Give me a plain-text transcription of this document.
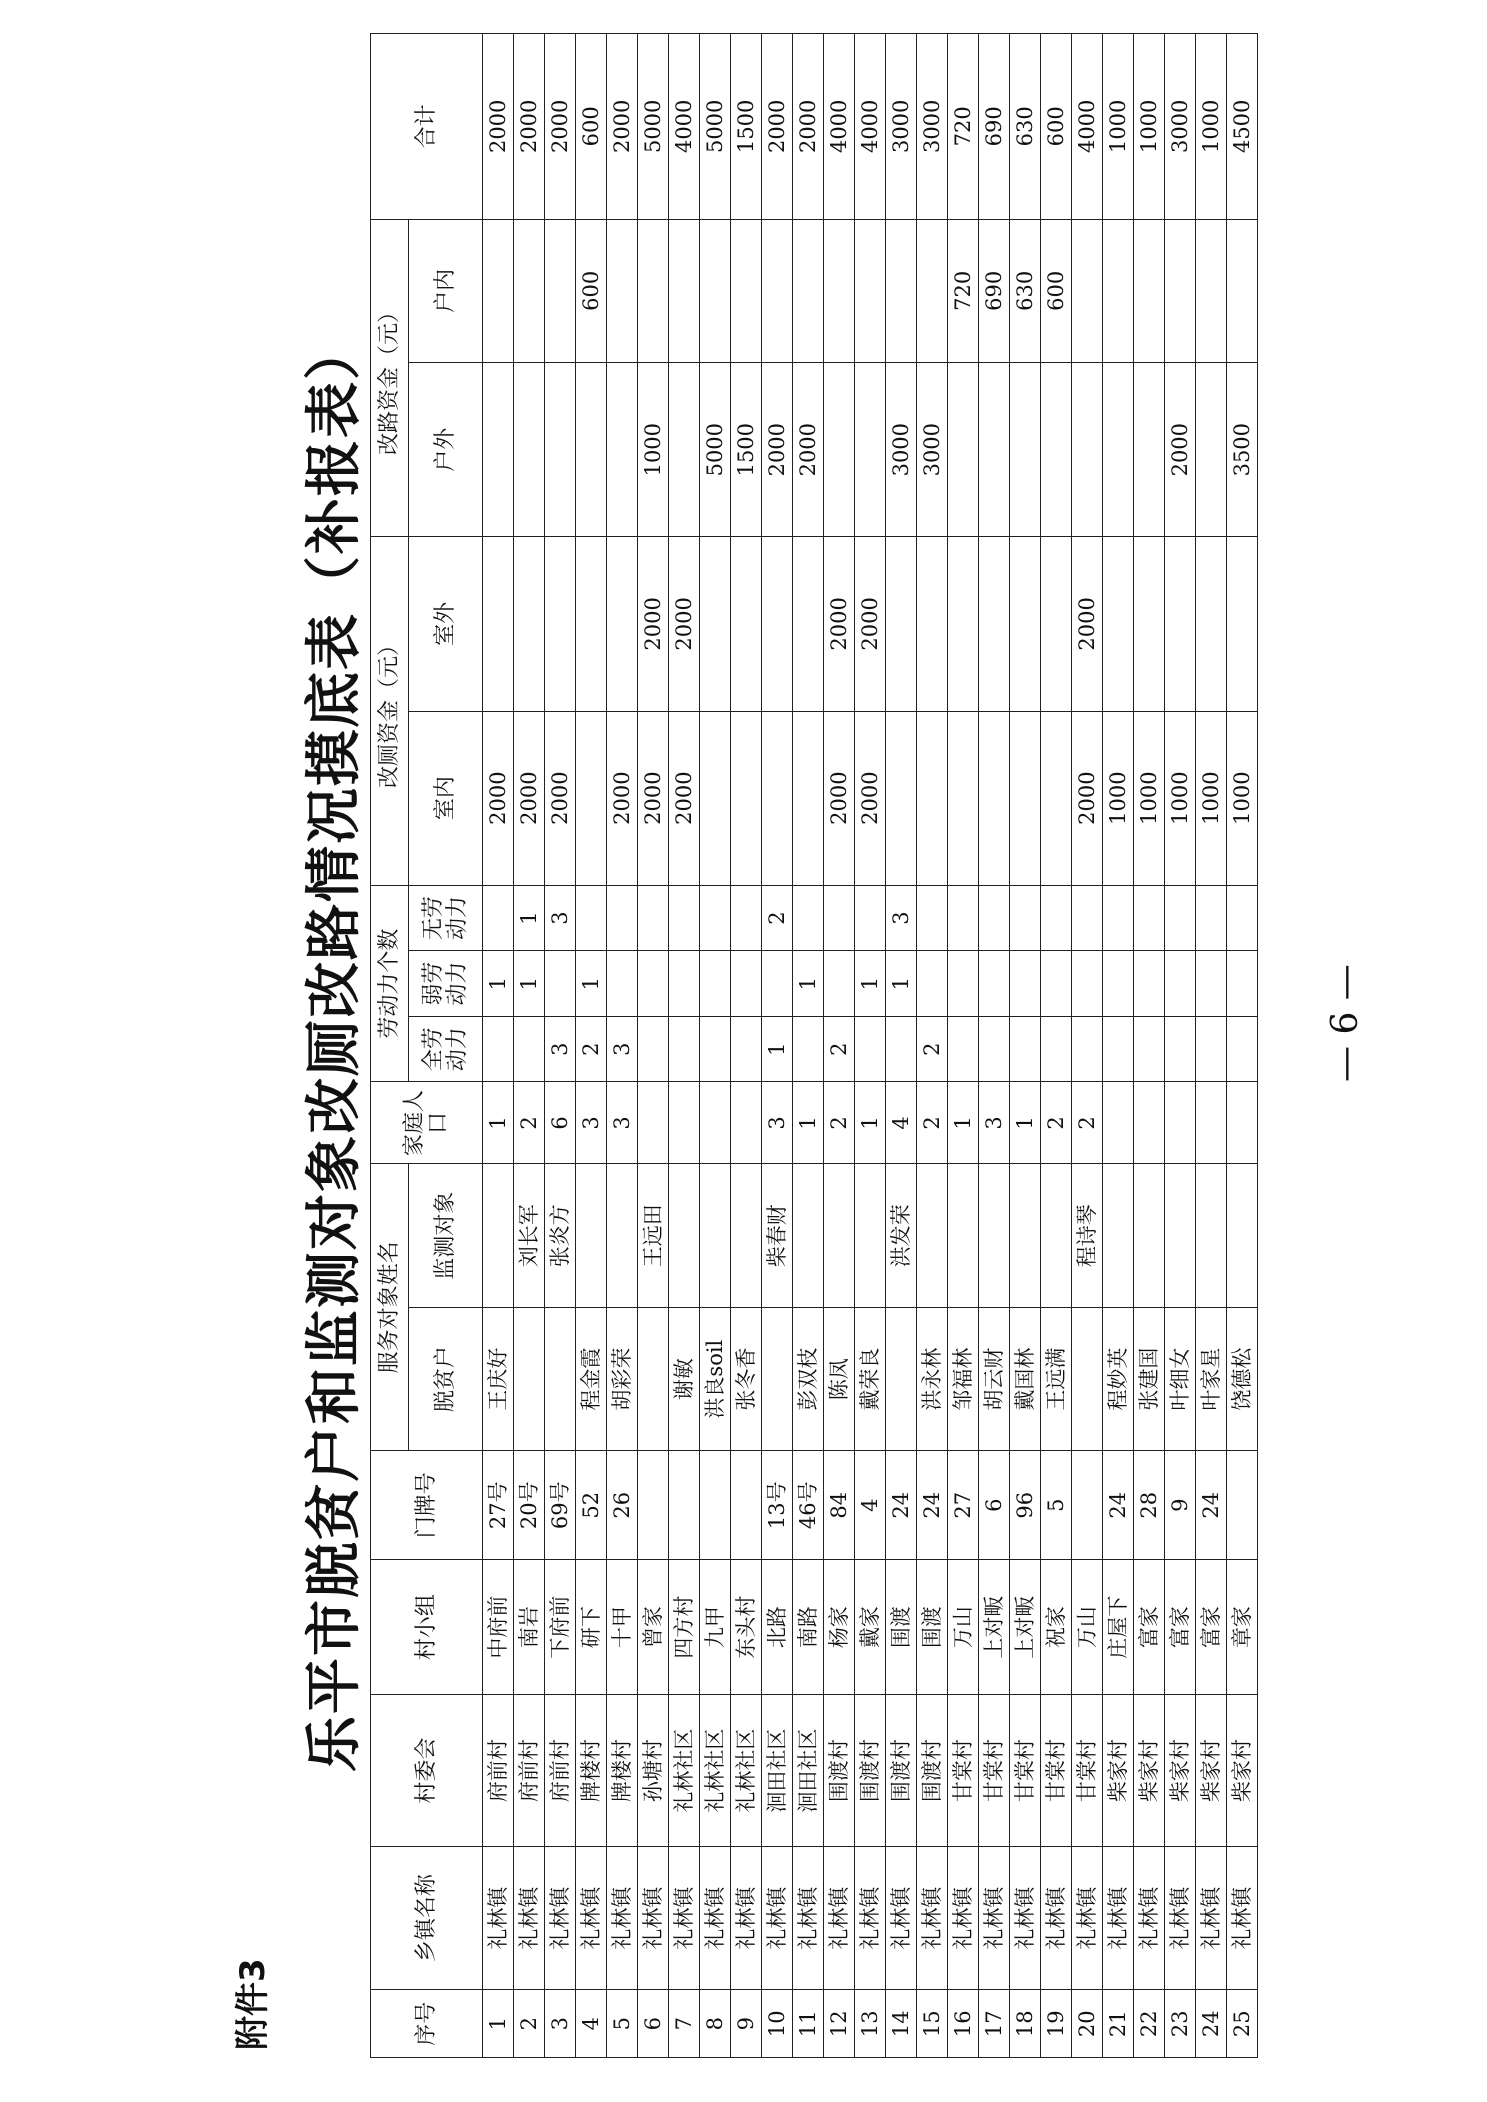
附件3
乐平市脱贫户和监测对象改厕改路情况摸底表（补报表）
序号	乡镇名称	村委会	村小组	门牌号	服务对象姓名		家庭人口	劳动力个数			改厕资金（元）		改路资金（元）		合计
					脱贫户	监测对象		全劳动力	弱劳动力	无劳动力	室内	室外	户外	户内	

1	礼林镇	府前村	中府前	27号	王庆好		1		1		2000				2000
2	礼林镇	府前村	南岩	20号		刘长军	2		1	1	2000				2000
3	礼林镇	府前村	下府前	69号		张炎方	6	3		3	2000				2000
4	礼林镇	牌楼村	研下	52	程金霞		3	2	1					600	600
5	礼林镇	牌楼村	十甲	26	胡彩荣		3	3			2000				2000
6	礼林镇	孙塘村	曾家			王远田					2000	2000	1000		5000
7	礼林镇	礼林社区	四方村		谢敏						2000	2000			4000
8	礼林镇	礼林社区	九甲		洪良soil								5000		5000
9	礼林镇	礼林社区	东头村		张冬香								1500		1500
10	礼林镇	洄田社区	北路	13号		柴春财	3	1		2			2000		2000
11	礼林镇	洄田社区	南路	46号	彭双枝		1		1				2000		2000
12	礼林镇	围渡村	杨家	84	陈凤		2	2			2000	2000			4000
13	礼林镇	围渡村	戴家	4	戴荣良		1		1		2000	2000			4000
14	礼林镇	围渡村	围渡	24		洪发荣	4		1	3			3000		3000
15	礼林镇	围渡村	围渡	24	洪永林		2	2					3000		3000
16	礼林镇	甘棠村	万山	27	邹福林		1							720	720
17	礼林镇	甘棠村	上对畈	6	胡云财		3							690	690
18	礼林镇	甘棠村	上对畈	96	戴国林		1							630	630
19	礼林镇	甘棠村	祝家	5	王远满		2							600	600
20	礼林镇	甘棠村	万山			程诗琴	2				2000	2000			4000
21	礼林镇	柴家村	庄屋下	24	程妙英						1000				1000
22	礼林镇	柴家村	富家	28	张建国						1000				1000
23	礼林镇	柴家村	富家	9	叶细女						1000		2000		3000
24	礼林镇	柴家村	富家	24	叶家星						1000				1000
25	礼林镇	柴家村	章家		饶德松						1000		3500		4500
— 6 —
